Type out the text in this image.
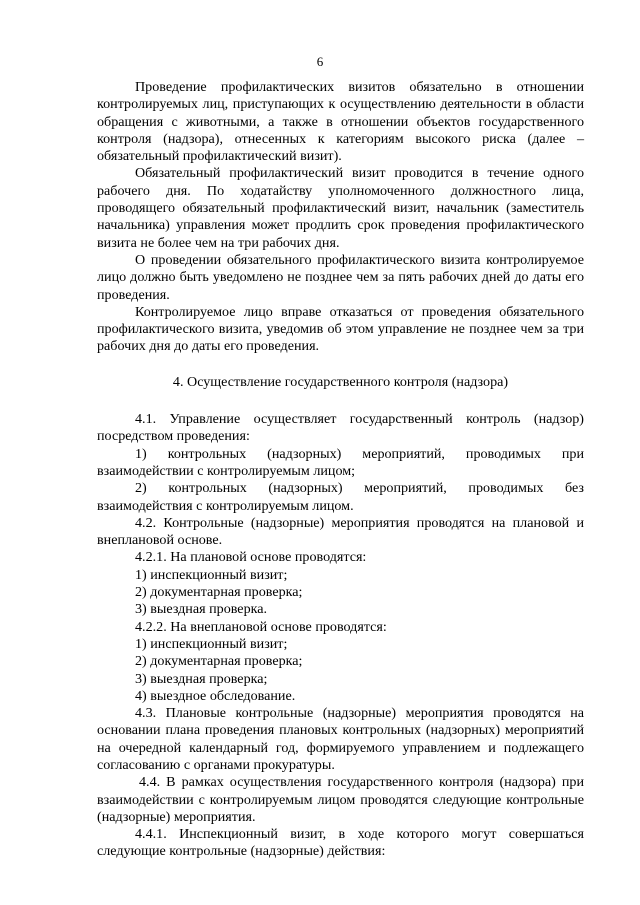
6

Проведение профилактических визитов обязательно в отношении контролируемых лиц, приступающих к осуществлению деятельности в области обращения с животными, а также в отношении объектов государственного контроля (надзора), отнесенных к категориям высокого риска (далее – обязательный профилактический визит).

Обязательный профилактический визит проводится в течение одного рабочего дня. По ходатайству уполномоченного должностного лица, проводящего обязательный профилактический визит, начальник (заместитель начальника) управления может продлить срок проведения профилактического визита не более чем на три рабочих дня.

О проведении обязательного профилактического визита контролируемое лицо должно быть уведомлено не позднее чем за пять рабочих дней до даты его проведения.

Контролируемое лицо вправе отказаться от проведения обязательного профилактического визита, уведомив об этом управление не позднее чем за три рабочих дня до даты его проведения.

4. Осуществление государственного контроля (надзора)

4.1. Управление осуществляет государственный контроль (надзор) посредством проведения:

1) контрольных (надзорных) мероприятий, проводимых при взаимодействии с контролируемым лицом;

2) контрольных (надзорных) мероприятий, проводимых без взаимодействия с контролируемым лицом.

4.2. Контрольные (надзорные) мероприятия проводятся на плановой и внеплановой основе.

4.2.1. На плановой основе проводятся:

1) инспекционный визит;

2) документарная проверка;

3) выездная проверка.

4.2.2. На внеплановой основе проводятся:

1) инспекционный визит;

2) документарная проверка;

3) выездная проверка;

4) выездное обследование.

4.3. Плановые контрольные (надзорные) мероприятия проводятся на основании плана проведения плановых контрольных (надзорных) мероприятий на очередной календарный год, формируемого управлением и подлежащего согласованию с органами прокуратуры.

4.4. В рамках осуществления государственного контроля (надзора) при взаимодействии с контролируемым лицом проводятся следующие контрольные (надзорные) мероприятия.

4.4.1. Инспекционный визит, в ходе которого могут совершаться следующие контрольные (надзорные) действия:
